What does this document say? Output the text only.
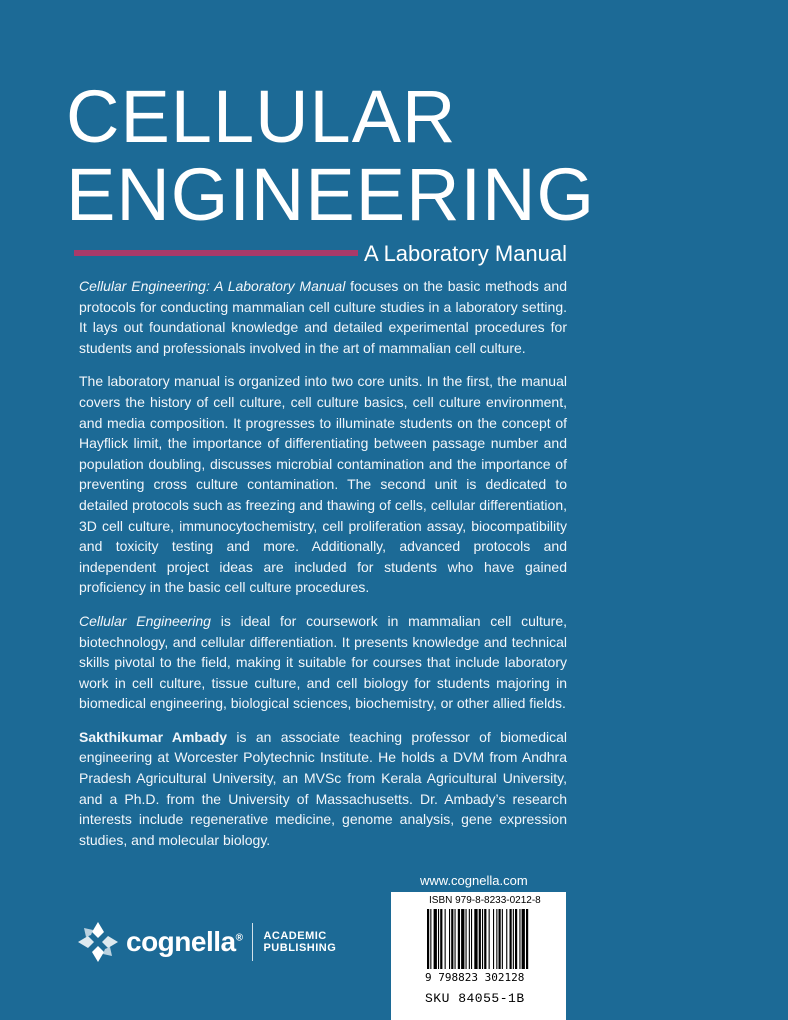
CELLULAR
ENGINEERING
A Laboratory Manual

Cellular Engineering: A Laboratory Manual focuses on the basic methods and protocols for conducting mammalian cell culture studies in a laboratory setting. It lays out foundational knowledge and detailed experimental procedures for students and professionals involved in the art of mammalian cell culture.

The laboratory manual is organized into two core units. In the first, the manual covers the history of cell culture, cell culture basics, cell culture environment, and media composition. It progresses to illuminate students on the concept of Hayflick limit, the importance of differentiating between passage number and population doubling, discusses microbial contamination and the importance of preventing cross culture contamination. The second unit is dedicated to detailed protocols such as freezing and thawing of cells, cellular differentiation, 3D cell culture, immunocytochemistry, cell proliferation assay, biocompatibility and toxicity testing and more. Additionally, advanced protocols and independent project ideas are included for students who have gained proficiency in the basic cell culture procedures.

Cellular Engineering is ideal for coursework in mammalian cell culture, biotechnology, and cellular differentiation. It presents knowledge and technical skills pivotal to the field, making it suitable for courses that include laboratory work in cell culture, tissue culture, and cell biology for students majoring in biomedical engineering, biological sciences, biochemistry, or other allied fields.

Sakthikumar Ambady is an associate teaching professor of biomedical engineering at Worcester Polytechnic Institute. He holds a DVM from Andhra Pradesh Agricultural University, an MVSc from Kerala Agricultural University, and a Ph.D. from the University of Massachusetts. Dr. Ambady’s research interests include regenerative medicine, genome analysis, gene expression studies, and molecular biology.

www.cognella.com
cognella® ACADEMIC
PUBLISHING
ISBN 979-8-8233-0212-8
9 798823 302128
SKU 84055-1B
